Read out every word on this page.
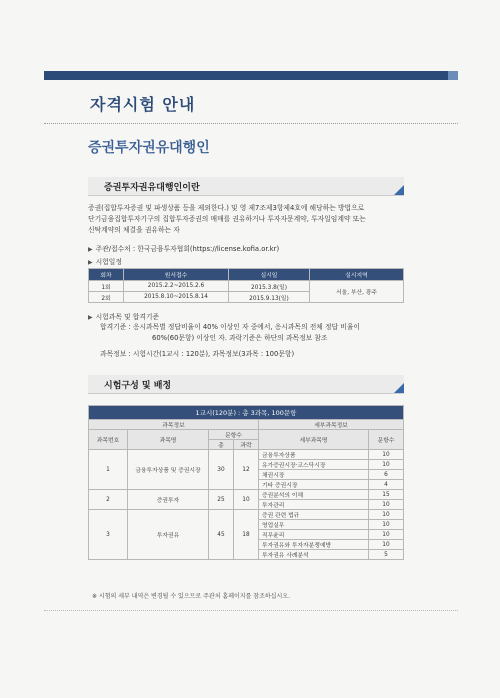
자격시험 안내
증권투자권유대행인
증권투자권유대행인이란
증권(집합투자증권 및 파생상품 등을 제외한다.) 및 영 제7조제3항제4호에 해당하는 방법으로
단기금융집합투자기구의 집합투자증권의 매매를 권유하거나 투자자문계약, 투자일임계약 또는
신탁계약의 체결을 권유하는 자
▶ 주관/접수처 : 한국금융투자협회(https://license.kofia.or.kr)
▶ 시험일정
회차	원서접수	실시일	실시지역
1회	2015.2.2~2015.2.6	2015.3.8(일)	서울, 부산, 광주
2회	2015.8.10~2015.8.14	2015.9.13(일)	
▶ 시험과목 및 합격기준
합격기준 : 응시과목별 정답비율이 40% 이상인 자 중에서, 응시과목의 전체 정답 비율이
60%(60문항) 이상인 자. 과락기준은 하단의 과목정보 참조
과목정보 : 시험시간(1교시 : 120분), 과목정보(3과목 : 100문항)
시험구성 및 배정
1교시(120분) : 총 3과목, 100문항					
과목정보				세부과목정보	
과목번호	과목명	문항수		세부과목명	문항수
		총	과락		
1	금융투자상품 및 증권시장	30	12	금융투자상품	10
				유가증권시장·코스닥시장	10
				채권시장	6
				기타 증권시장	4
2	증권투자	25	10	증권분석의 이해	15
				투자관리	10
3	투자권유	45	18	증권 관련 법규	10
				영업실무	10
				직무윤리	10
				투자권유와 투자자분쟁예방	10
				투자권유 사례분석	5
※ 시험의 세부 내역은 변경될 수 있으므로 주관처 홈페이지를 참조하십시오.
